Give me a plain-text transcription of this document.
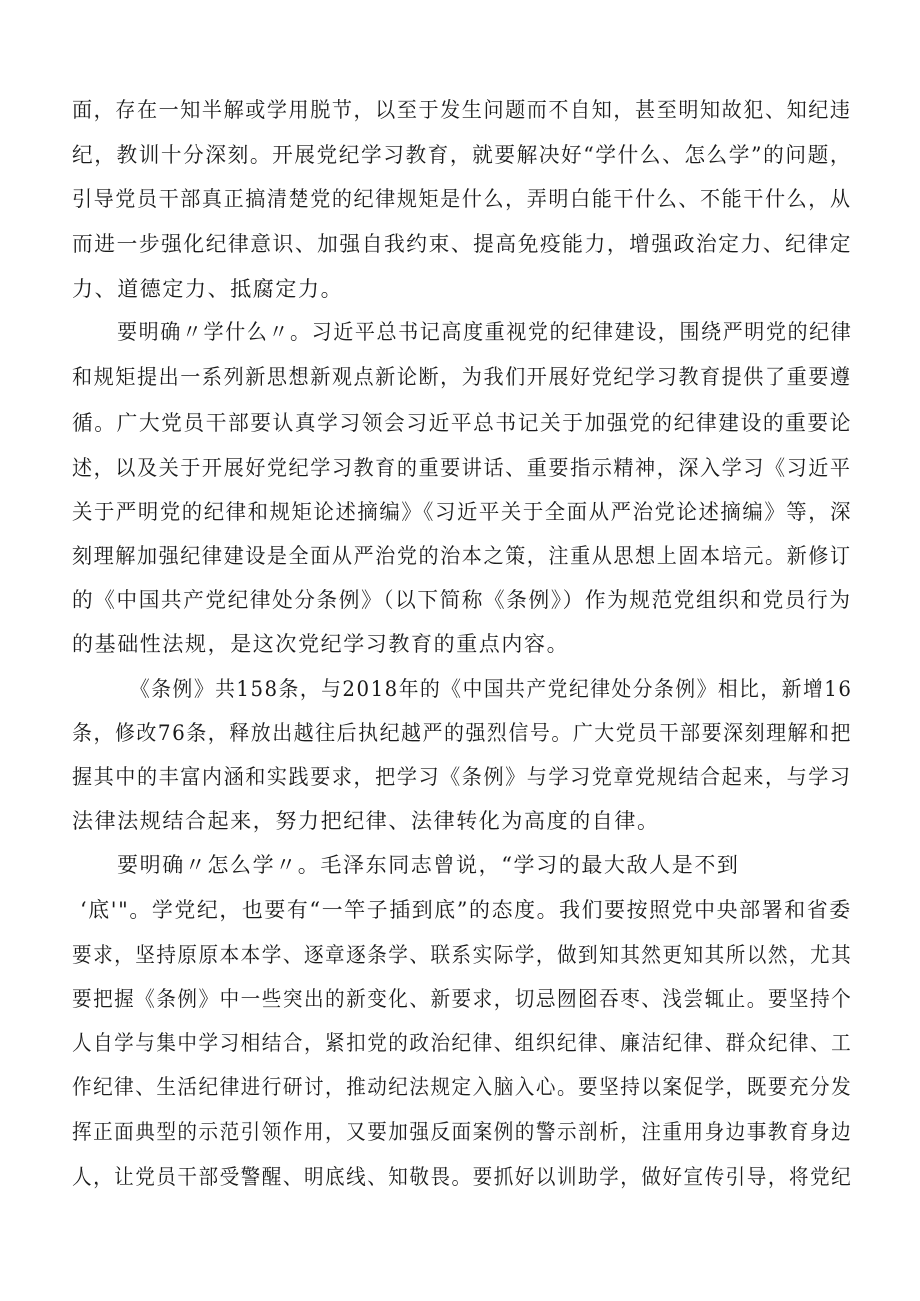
面，存在一知半解或学用脱节，以至于发生问题而不自知，甚至明知故犯、知纪违

纪，教训十分深刻。开展党纪学习教育，就要解决好“学什么、怎么学”的问题，

引导党员干部真正搞清楚党的纪律规矩是什么，弄明白能干什么、不能干什么，从

而进一步强化纪律意识、加强自我约束、提高免疫能力，增强政治定力、纪律定

力、道德定力、抵腐定力。

要明确〃学什么〃。习近平总书记高度重视党的纪律建设，围绕严明党的纪律

和规矩提出一系列新思想新观点新论断，为我们开展好党纪学习教育提供了重要遵

循。广大党员干部要认真学习领会习近平总书记关于加强党的纪律建设的重要论

述，以及关于开展好党纪学习教育的重要讲话、重要指示精神，深入学习《习近平

关于严明党的纪律和规矩论述摘编》《习近平关于全面从严治党论述摘编》等，深

刻理解加强纪律建设是全面从严治党的治本之策，注重从思想上固本培元。新修订

的《中国共产党纪律处分条例》（以下简称《条例》）作为规范党组织和党员行为

的基础性法规，是这次党纪学习教育的重点内容。

《条例》共158条，与2018年的《中国共产党纪律处分条例》相比，新增16

条，修改76条，释放出越往后执纪越严的强烈信号。广大党员干部要深刻理解和把

握其中的丰富内涵和实践要求，把学习《条例》与学习党章党规结合起来，与学习

法律法规结合起来，努力把纪律、法律转化为高度的自律。

要明确〃怎么学〃。毛泽东同志曾说，“学习的最大敌人是不到

‘底'"。学党纪，也要有“一竿子插到底”的态度。我们要按照党中央部署和省委

要求，坚持原原本本学、逐章逐条学、联系实际学，做到知其然更知其所以然，尤其

要把握《条例》中一些突出的新变化、新要求，切忌囫囵吞枣、浅尝辄止。要坚持个

人自学与集中学习相结合，紧扣党的政治纪律、组织纪律、廉洁纪律、群众纪律、工

作纪律、生活纪律进行研讨，推动纪法规定入脑入心。要坚持以案促学，既要充分发

挥正面典型的示范引领作用，又要加强反面案例的警示剖析，注重用身边事教育身边

人，让党员干部受警醒、明底线、知敬畏。要抓好以训助学，做好宣传引导，将党纪
